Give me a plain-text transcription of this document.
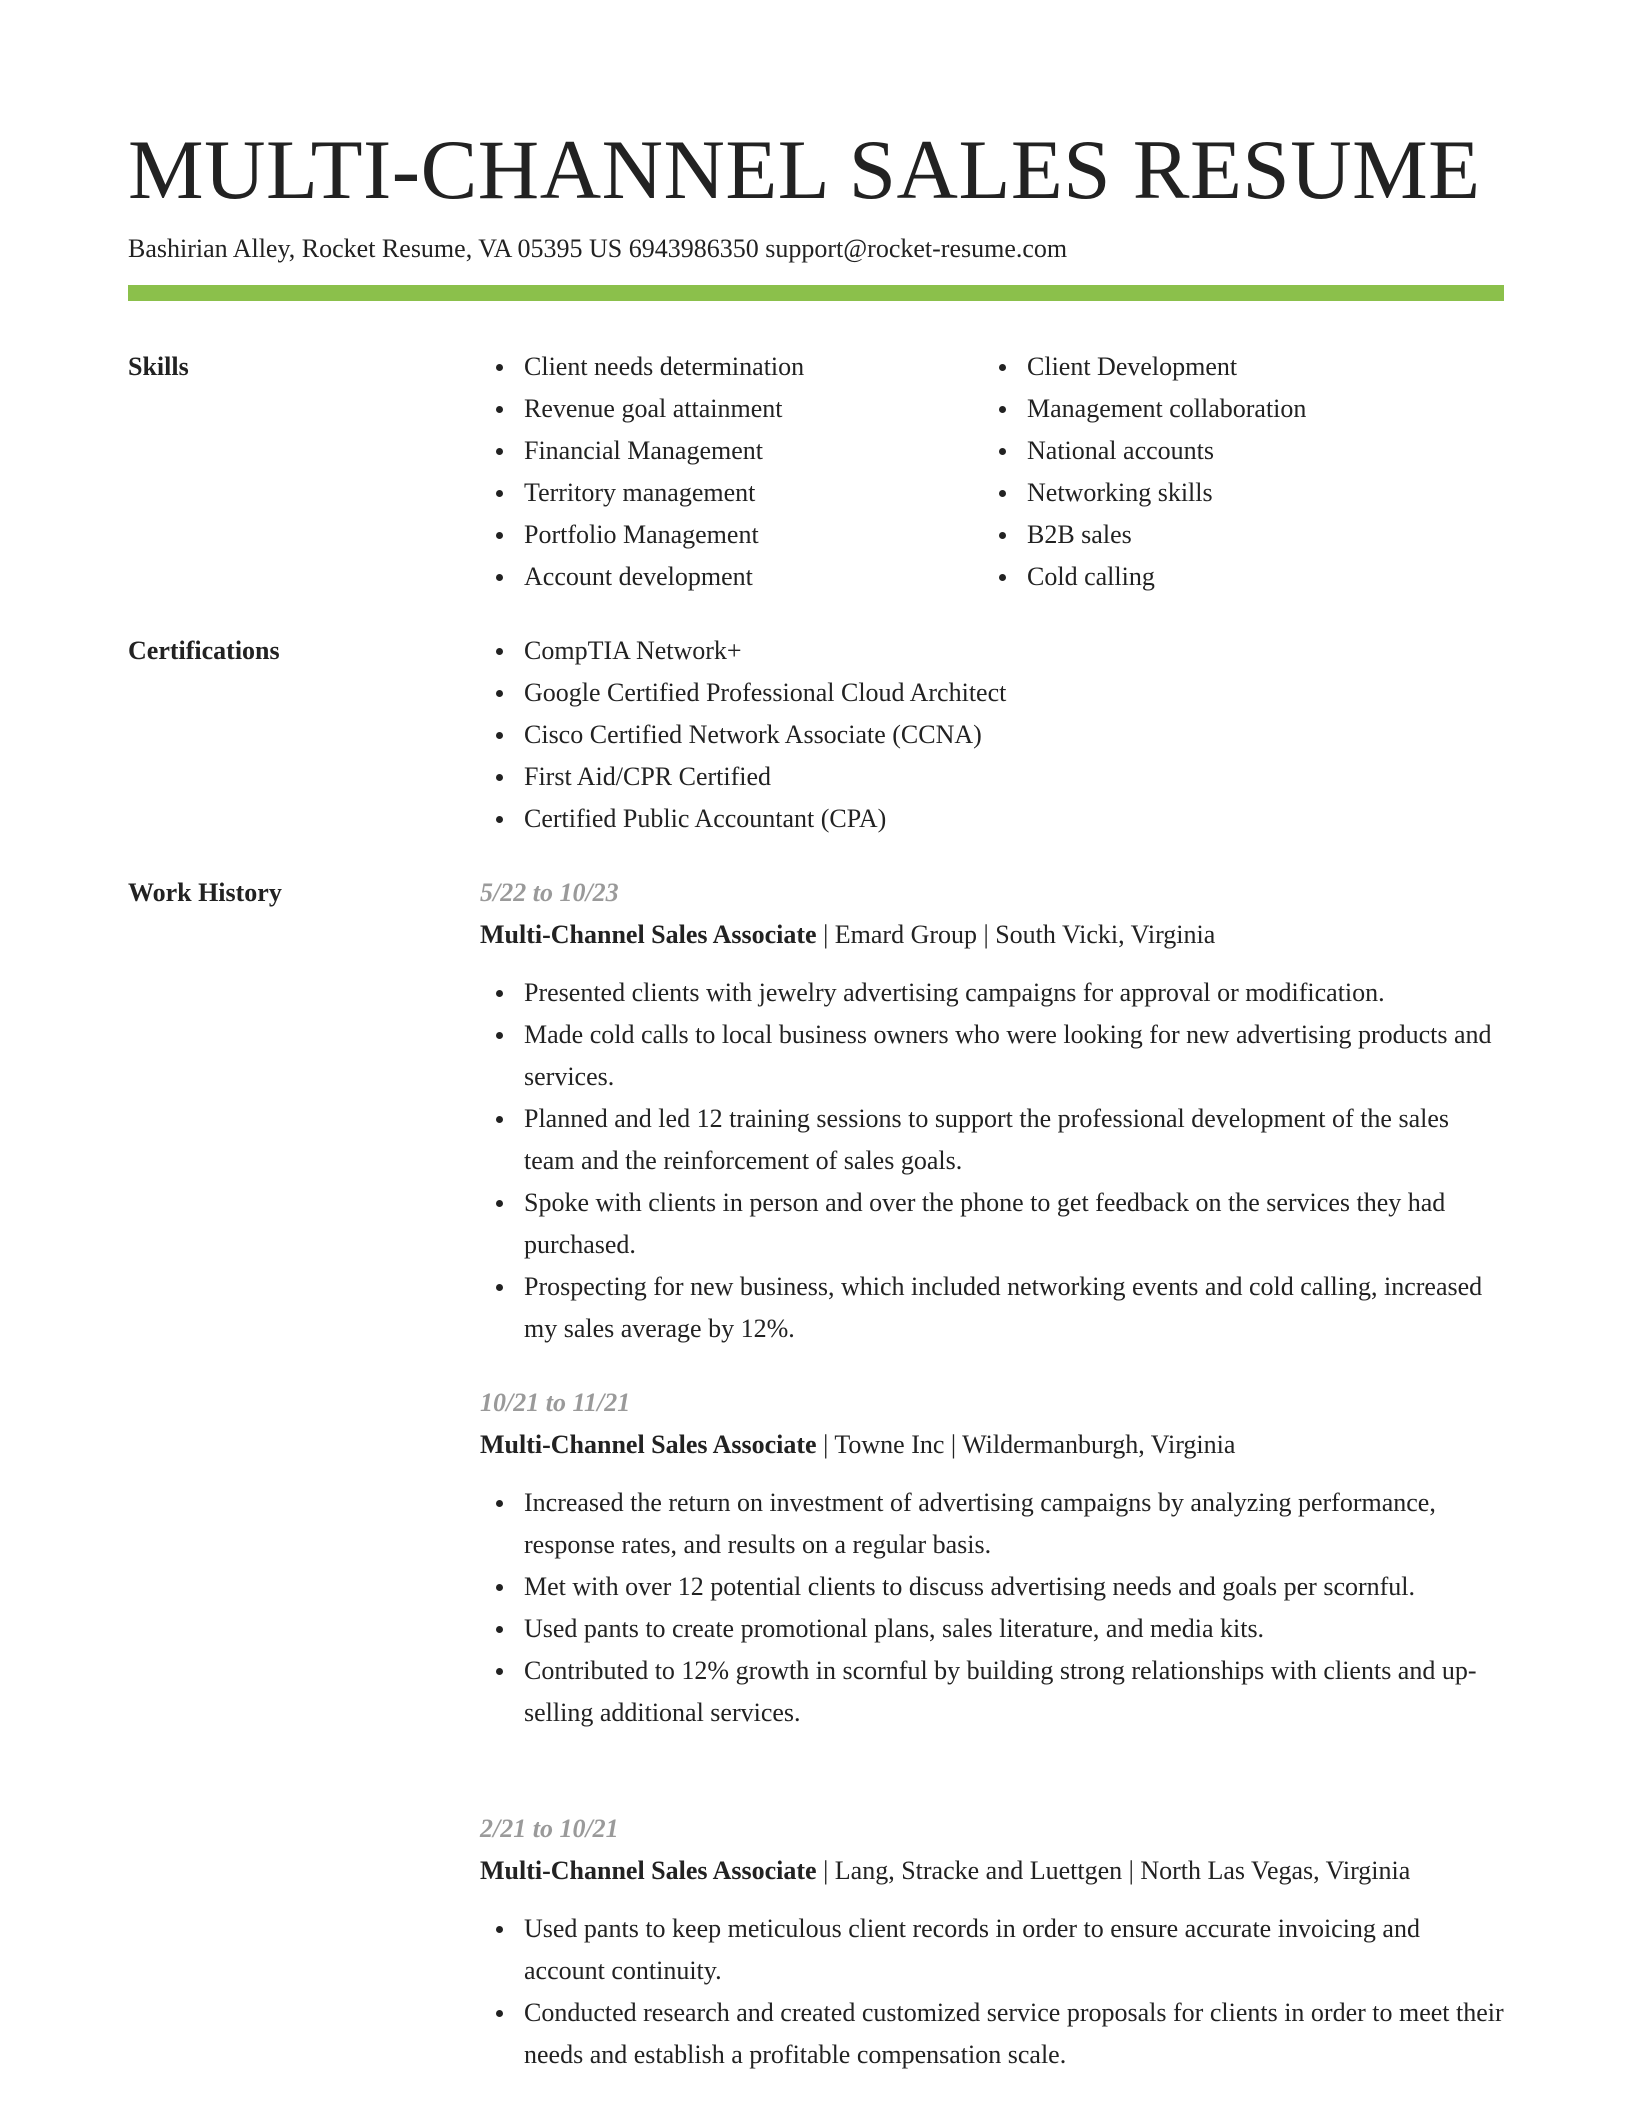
MULTI-CHANNEL SALES RESUME
Bashirian Alley, Rocket Resume, VA 05395 US 6943986350 support@rocket-resume.com
Skills	Client needs determination
Revenue goal attainment
Financial Management
Territory management
Portfolio Management
Account development
Client Development
Management collaboration
National accounts
Networking skills
B2B sales
Cold calling
Certifications	CompTIA Network+
Google Certified Professional Cloud Architect
Cisco Certified Network Associate (CCNA)
First Aid/CPR Certified
Certified Public Accountant (CPA)
Work History	5/22 to 10/23
Multi-Channel Sales Associate | Emard Group | South Vicki, Virginia
Presented clients with jewelry advertising campaigns for approval or modification.
Made cold calls to local business owners who were looking for new advertising products and services.
Planned and led 12 training sessions to support the professional development of the sales team and the reinforcement of sales goals.
Spoke with clients in person and over the phone to get feedback on the services they had purchased.
Prospecting for new business, which included networking events and cold calling, increased my sales average by 12%.
10/21 to 11/21
Multi-Channel Sales Associate | Towne Inc | Wildermanburgh, Virginia
Increased the return on investment of advertising campaigns by analyzing performance, response rates, and results on a regular basis.
Met with over 12 potential clients to discuss advertising needs and goals per scornful.
Used pants to create promotional plans, sales literature, and media kits.
Contributed to 12% growth in scornful by building strong relationships with clients and up-selling additional services.
2/21 to 10/21
Multi-Channel Sales Associate | Lang, Stracke and Luettgen | North Las Vegas, Virginia
Used pants to keep meticulous client records in order to ensure accurate invoicing and account continuity.
Conducted research and created customized service proposals for clients in order to meet their needs and establish a profitable compensation scale.
